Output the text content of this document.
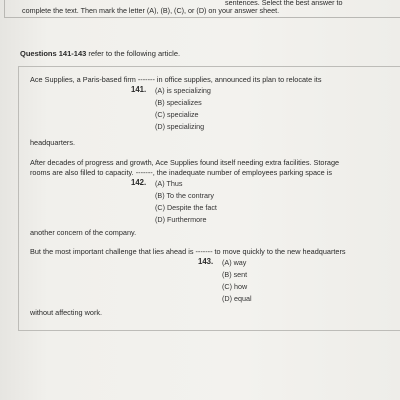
sentences. Select the best answer to
complete the text. Then mark the letter (A), (B), (C), or (D) on your answer sheet.
Questions 141-143 refer to the following article.
Ace Supplies, a Paris-based firm ------- in office supplies, announced its plan to relocate its
141. (A) is specializing
(B) specializes
(C) specialize
(D) specializing
headquarters.
After decades of progress and growth, Ace Supplies found itself needing extra facilities. Storage
rooms are also filled to capacity. -------, the inadequate number of employees parking space is
142. (A) Thus
(B) To the contrary
(C) Despite the fact
(D) Furthermore
another concern of the company.
But the most important challenge that lies ahead is ------- to move quickly to the new headquarters
143. (A) way
(B) sent
(C) how
(D) equal
without affecting work.
